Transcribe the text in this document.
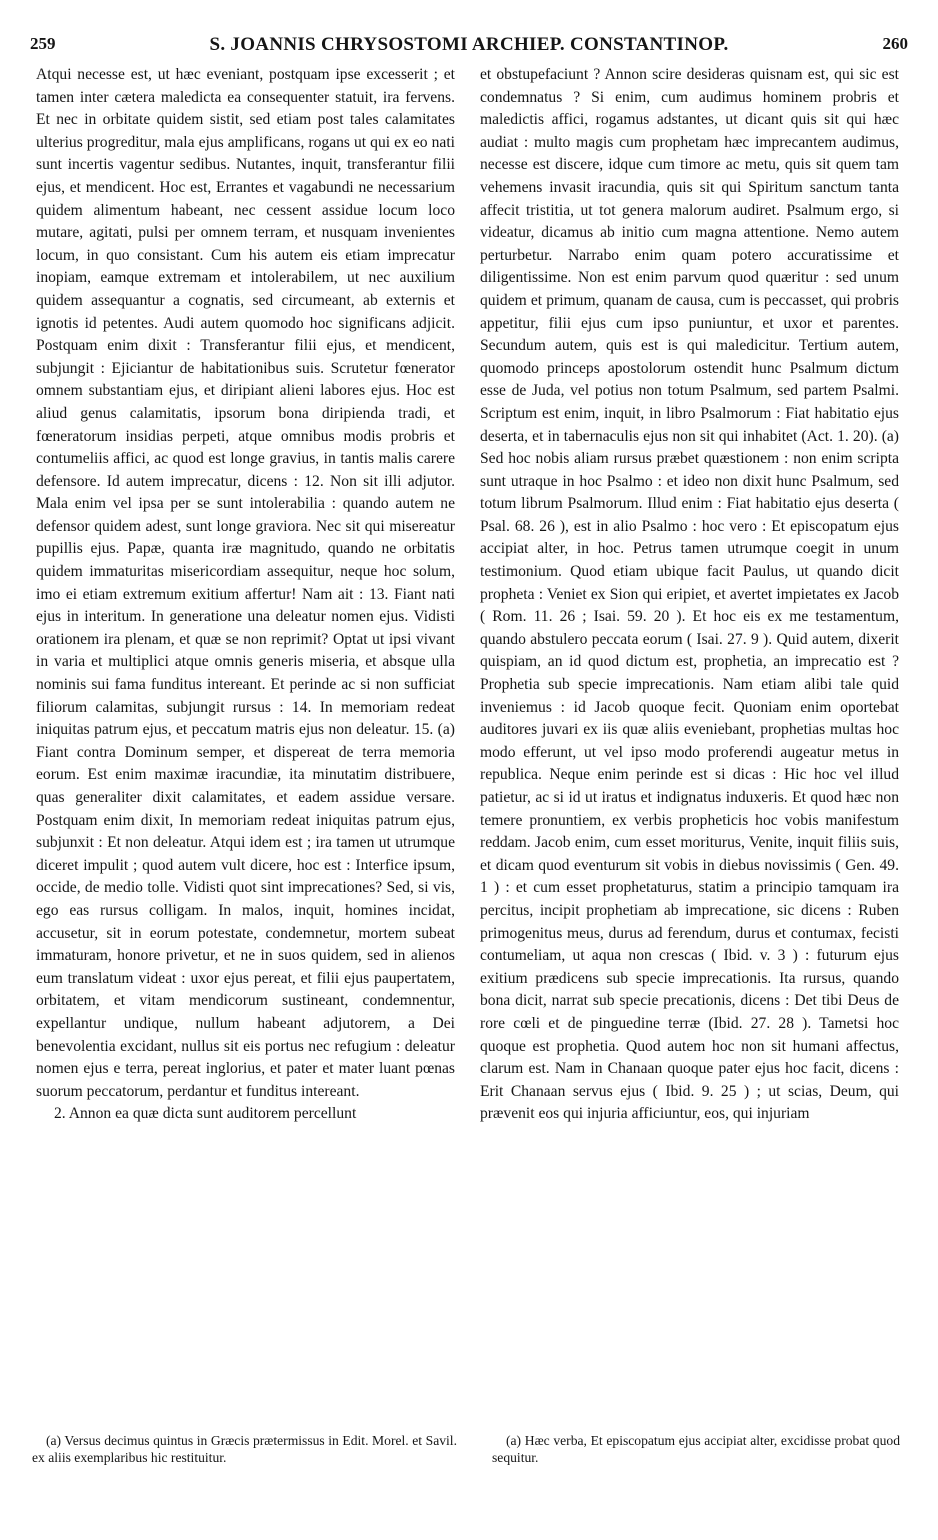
259	S. JOANNIS CHRYSOSTOMI ARCHIEP. CONSTANTINOP.	260

Atqui necesse est, ut hæc eveniant, postquam ipse excesserit ; et tamen inter cætera maledicta ea consequenter statuit, ira fervens. Et nec in orbitate quidem sistit, sed etiam post tales calamitates ulterius progreditur, mala ejus amplificans, rogans ut qui ex eo nati sunt incertis vagentur sedibus. Nutantes, inquit, transferantur filii ejus, et mendicent. Hoc est, Errantes et vagabundi ne necessarium quidem alimentum habeant, nec cessent assidue locum loco mutare, agitati, pulsi per omnem terram, et nusquam invenientes locum, in quo consistant. Cum his autem eis etiam imprecatur inopiam, eamque extremam et intolerabilem, ut nec auxilium quidem assequantur a cognatis, sed circumeant, ab externis et ignotis id petentes. Audi autem quomodo hoc significans adjicit. Postquam enim dixit : Transferantur filii ejus, et mendicent, subjungit : Ejiciantur de habitationibus suis. Scrutetur fœnerator omnem substantiam ejus, et diripiant alieni labores ejus. Hoc est aliud genus calamitatis, ipsorum bona diripienda tradi, et fœneratorum insidias perpeti, atque omnibus modis probris et contumeliis affici, ac quod est longe gravius, in tantis malis carere defensore. Id autem imprecatur, dicens : 12. Non sit illi adjutor. Mala enim vel ipsa per se sunt intolerabilia : quando autem ne defensor quidem adest, sunt longe graviora. Nec sit qui misereatur pupillis ejus. Papæ, quanta iræ magnitudo, quando ne orbitatis quidem immaturitas misericordiam assequitur, neque hoc solum, imo ei etiam extremum exitium affertur! Nam ait : 13. Fiant nati ejus in interitum. In generatione una deleatur nomen ejus. Vidisti orationem ira plenam, et quæ se non reprimit? Optat ut ipsi vivant in varia et multiplici atque omnis generis miseria, et absque ulla nominis sui fama funditus intereant. Et perinde ac si non sufficiat filiorum calamitas, subjungit rursus : 14. In memoriam redeat iniquitas patrum ejus, et peccatum matris ejus non deleatur. 15. (a) Fiant contra Dominum semper, et dispereat de terra memoria eorum. Est enim maximæ iracundiæ, ita minutatim distribuere, quas generaliter dixit calamitates, et eadem assidue versare. Postquam enim dixit, In memoriam redeat iniquitas patrum ejus, subjunxit : Et non deleatur. Atqui idem est ; ira tamen ut utrumque diceret impulit ; quod autem vult dicere, hoc est : Interfice ipsum, occide, de medio tolle. Vidisti quot sint imprecationes? Sed, si vis, ego eas rursus colligam. In malos, inquit, homines incidat, accusetur, sit in eorum potestate, condemnetur, mortem subeat immaturam, honore privetur, et ne in suos quidem, sed in alienos eum translatum videat : uxor ejus pereat, et filii ejus paupertatem, orbitatem, et vitam mendicorum sustineant, condemnentur, expellantur undique, nullum habeant adjutorem, a Dei benevolentia excidant, nullus sit eis portus nec refugium : deleatur nomen ejus e terra, pereat inglorius, et pater et mater luant pœnas suorum peccatorum, perdantur et funditus intereant.

2. Annon ea quæ dicta sunt auditorem percellunt

et obstupefaciunt ? Annon scire desideras quisnam est, qui sic est condemnatus ? Si enim, cum audimus hominem probris et maledictis affici, rogamus adstantes, ut dicant quis sit qui hæc audiat : multo magis cum prophetam hæc imprecantem audimus, necesse est discere, idque cum timore ac metu, quis sit quem tam vehemens invasit iracundia, quis sit qui Spiritum sanctum tanta affecit tristitia, ut tot genera malorum audiret. Psalmum ergo, si videatur, dicamus ab initio cum magna attentione. Nemo autem perturbetur. Narrabo enim quam potero accuratissime et diligentissime. Non est enim parvum quod quæritur : sed unum quidem et primum, quanam de causa, cum is peccasset, qui probris appetitur, filii ejus cum ipso puniuntur, et uxor et parentes. Secundum autem, quis est is qui maledicitur. Tertium autem, quomodo princeps apostolorum ostendit hunc Psalmum dictum esse de Juda, vel potius non totum Psalmum, sed partem Psalmi. Scriptum est enim, inquit, in libro Psalmorum : Fiat habitatio ejus deserta, et in tabernaculis ejus non sit qui inhabitet (Act. 1. 20). (a) Sed hoc nobis aliam rursus præbet quæstionem : non enim scripta sunt utraque in hoc Psalmo : et ideo non dixit hunc Psalmum, sed totum librum Psalmorum. Illud enim : Fiat habitatio ejus deserta ( Psal. 68. 26 ), est in alio Psalmo : hoc vero : Et episcopatum ejus accipiat alter, in hoc. Petrus tamen utrumque coegit in unum testimonium. Quod etiam ubique facit Paulus, ut quando dicit propheta : Veniet ex Sion qui eripiet, et avertet impietates ex Jacob ( Rom. 11. 26 ; Isai. 59. 20 ). Et hoc eis ex me testamentum, quando abstulero peccata eorum ( Isai. 27. 9 ). Quid autem, dixerit quispiam, an id quod dictum est, prophetia, an imprecatio est ? Prophetia sub specie imprecationis. Nam etiam alibi tale quid inveniemus : id Jacob quoque fecit. Quoniam enim oportebat auditores juvari ex iis quæ aliis eveniebant, prophetias multas hoc modo efferunt, ut vel ipso modo proferendi augeatur metus in republica. Neque enim perinde est si dicas : Hic hoc vel illud patietur, ac si id ut iratus et indignatus induxeris. Et quod hæc non temere pronuntiem, ex verbis propheticis hoc vobis manifestum reddam. Jacob enim, cum esset moriturus, Venite, inquit filiis suis, et dicam quod eventurum sit vobis in diebus novissimis ( Gen. 49. 1 ) : et cum esset prophetaturus, statim a principio tamquam ira percitus, incipit prophetiam ab imprecatione, sic dicens : Ruben primogenitus meus, durus ad ferendum, durus et contumax, fecisti contumeliam, ut aqua non crescas ( Ibid. v. 3 ) : futurum ejus exitium prædicens sub specie imprecationis. Ita rursus, quando bona dicit, narrat sub specie precationis, dicens : Det tibi Deus de rore cœli et de pinguedine terræ (Ibid. 27. 28 ). Tametsi hoc quoque est prophetia. Quod autem hoc non sit humani affectus, clarum est. Nam in Chanaan quoque pater ejus hoc facit, dicens : Erit Chanaan servus ejus ( Ibid. 9. 25 ) ; ut scias, Deum, qui prævenit eos qui injuria afficiuntur, eos, qui injuriam

(a) Versus decimus quintus in Græcis prætermissus in Edit. Morel. et Savil. ex aliis exemplaribus hic restituitur.

(a) Hæc verba, Et episcopatum ejus accipiat alter, excidisse probat quod sequitur.
